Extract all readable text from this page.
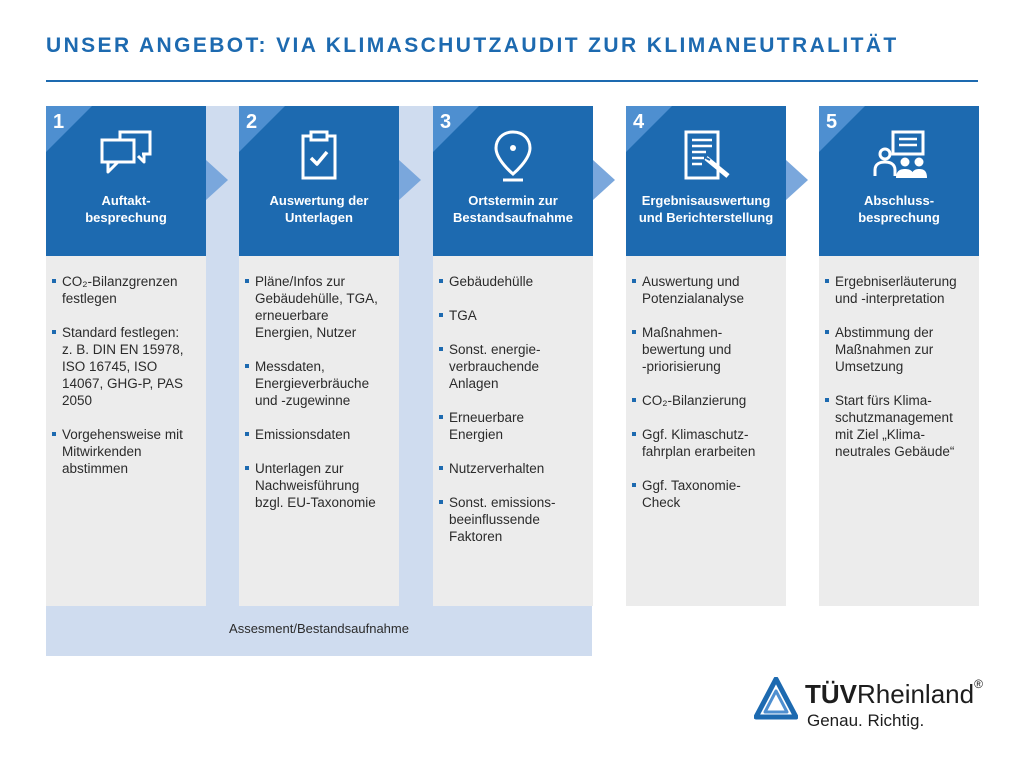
UNSER ANGEBOT: VIA KLIMASCHUTZAUDIT ZUR KLIMANEUTRALITÄT
Assesment/Bestandsaufnahme
1
Auftakt-
besprechung
CO₂-Bilanzgrenzen
festlegen
Standard festlegen:
z. B. DIN EN 15978,
ISO 16745, ISO
14067, GHG-P, PAS
2050
Vorgehensweise mit
Mitwirkenden
abstimmen
2
Auswertung der
Unterlagen
Pläne/Infos zur
Gebäudehülle, TGA,
erneuerbare
Energien, Nutzer
Messdaten,
Energieverbräuche
und -zugewinne
Emissionsdaten
Unterlagen zur
Nachweisführung
bzgl. EU-Taxonomie
3
Ortstermin zur
Bestandsaufnahme
Gebäudehülle
TGA
Sonst. energie-
verbrauchende
Anlagen
Erneuerbare
Energien
Nutzerverhalten
Sonst. emissions-
beeinflussende
Faktoren
4
Ergebnisauswertung
und Berichterstellung
Auswertung und
Potenzialanalyse
Maßnahmen-
bewertung und
-priorisierung
CO₂-Bilanzierung
Ggf. Klimaschutz-
fahrplan erarbeiten
Ggf. Taxonomie-
Check
5
Abschluss-
besprechung
Ergebniserläuterung
und -interpretation
Abstimmung der
Maßnahmen zur
Umsetzung
Start fürs Klima-
schutzmanagement
mit Ziel „Klima-
neutrales Gebäude“
TÜVRheinland®
Genau. Richtig.
